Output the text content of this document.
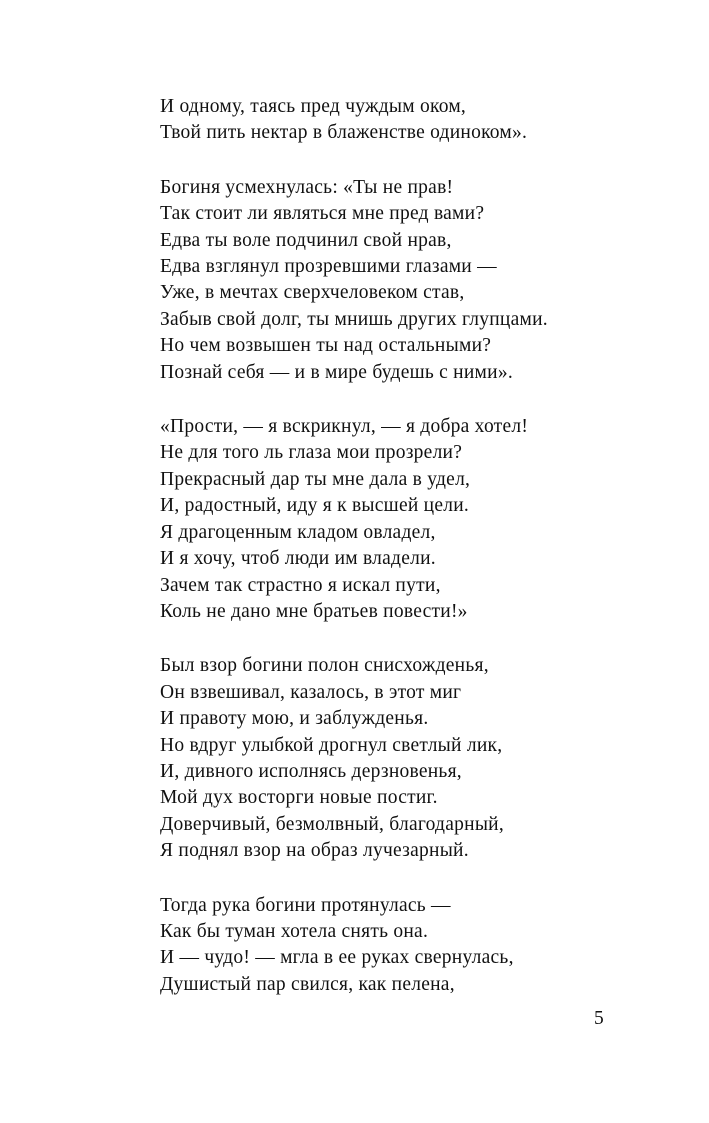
И одному, таясь пред чуждым оком,
Твой пить нектар в блаженстве одиноком».
Богиня усмехнулась: «Ты не прав!
Так стоит ли являться мне пред вами?
Едва ты воле подчинил свой нрав,
Едва взглянул прозревшими глазами —
Уже, в мечтах сверхчеловеком став,
Забыв свой долг, ты мнишь других глупцами.
Но чем возвышен ты над остальными?
Познай себя — и в мире будешь с ними».
«Прости, — я вскрикнул, — я добра хотел!
Не для того ль глаза мои прозрели?
Прекрасный дар ты мне дала в удел,
И, радостный, иду я к высшей цели.
Я драгоценным кладом овладел,
И я хочу, чтоб люди им владели.
Зачем так страстно я искал пути,
Коль не дано мне братьев повести!»
Был взор богини полон снисхожденья,
Он взвешивал, казалось, в этот миг
И правоту мою, и заблужденья.
Но вдруг улыбкой дрогнул светлый лик,
И, дивного исполнясь дерзновенья,
Мой дух восторги новые постиг.
Доверчивый, безмолвный, благодарный,
Я поднял взор на образ лучезарный.
Тогда рука богини протянулась —
Как бы туман хотела снять она.
И — чудо! — мгла в ее руках свернулась,
Душистый пар свился, как пелена,
5
